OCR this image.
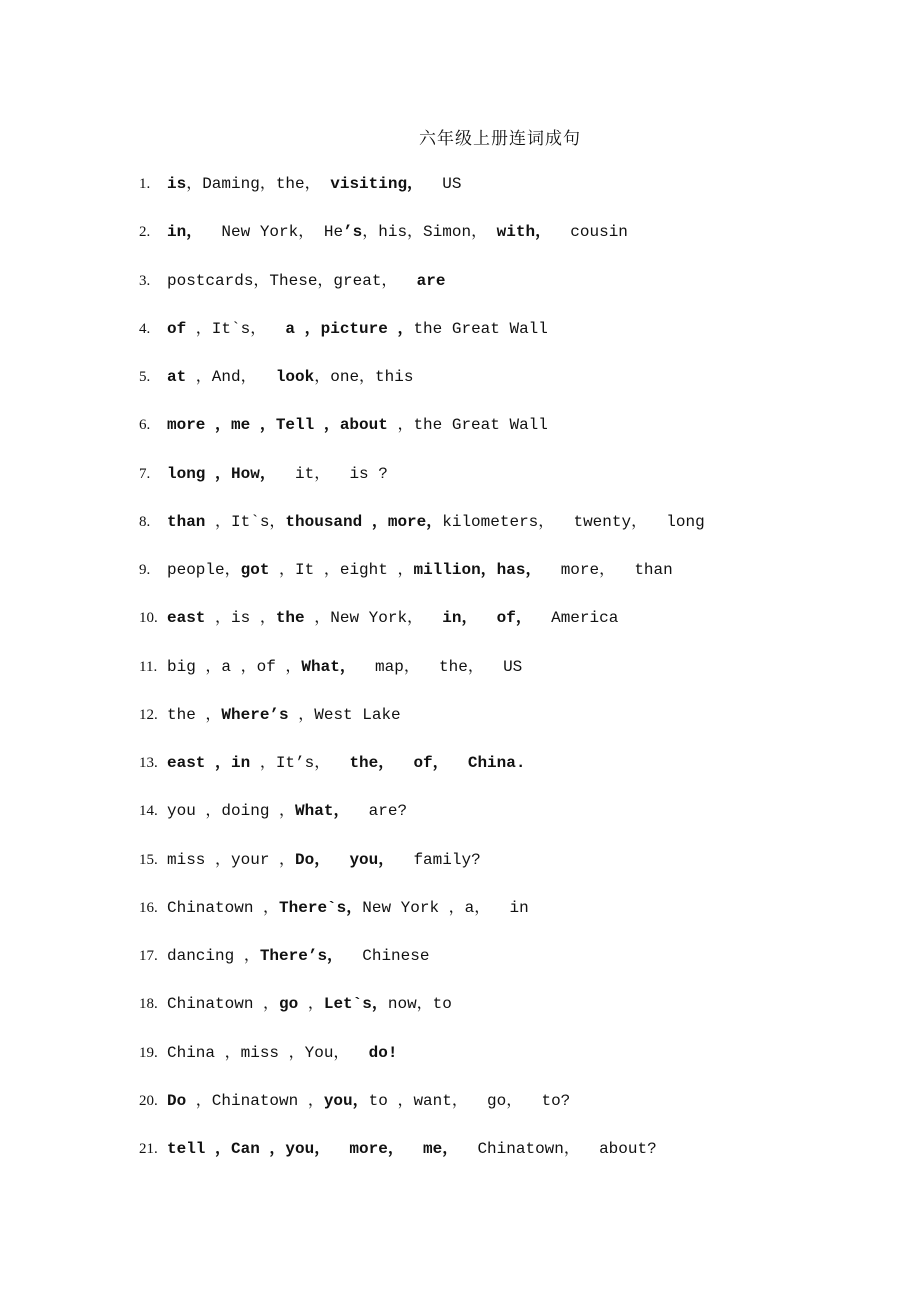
六年级上册连词成句
1. is，Daming，the， visiting，  US
2. in，  New York， He’s，his，Simon， with，  cousin
3. postcards，These，great，  are
4. of ，It`s，  a ，picture ，the Great Wall
5. at ，And，  look，one，this
6. more ，me ，Tell ，about ，the Great Wall
7. long ，How，  it，  is ?
8. than ，It`s，thousand ，more，kilometers，  twenty，  long
9. people，got ，It ，eight ，million，has，  more，  than
10. east ，is ，the ，New York，  in，  of，  America
11. big ，a ，of ，What，  map，  the，  US
12. the ，Where’s ，West Lake
13. east ，in ，It’s，  the，  of，  China.
14. you ，doing ，What，  are?
15. miss ，your ，Do，  you，  family?
16. Chinatown ，There`s，New York ，a，  in
17. dancing ，There’s，  Chinese
18. Chinatown ，go ，Let`s，now，to
19. China ，miss ，You，  do!
20. Do ，Chinatown ，you，to ，want，  go，  to?
21. tell ，Can ，you，  more，  me，  Chinatown，  about?
